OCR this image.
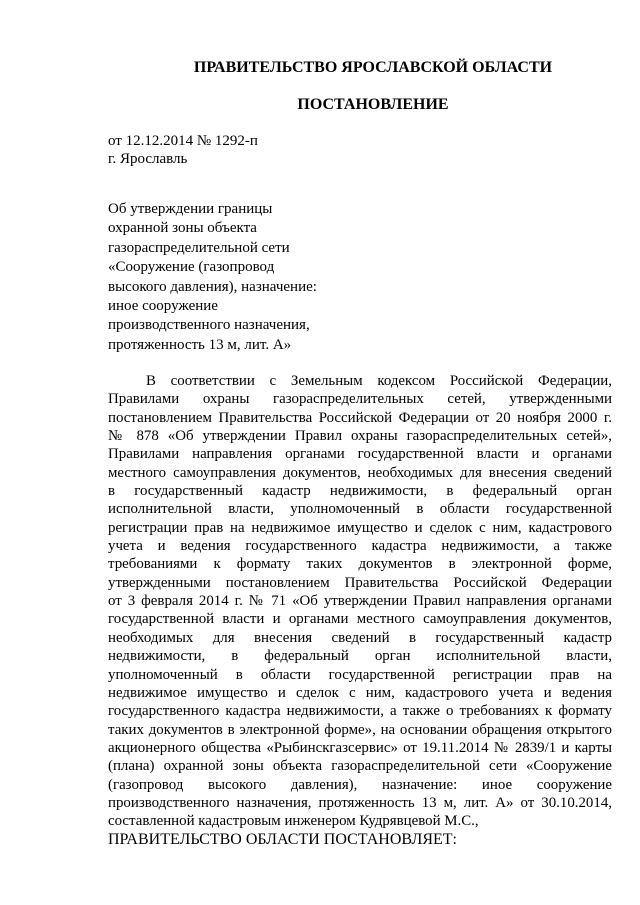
ПРАВИТЕЛЬСТВО ЯРОСЛАВСКОЙ ОБЛАСТИ
ПОСТАНОВЛЕНИЕ

от 12.12.2014 № 1292-п

г. Ярославль

Об утверждении границы
охранной зоны объекта
газораспределительной сети
«Сооружение (газопровод
высокого давления), назначение:
иное сооружение
производственного назначения,
протяженность 13 м, лит. А»
В соответствии с Земельным кодексом Российской Федерации,
Правилами охраны газораспределительных сетей, утвержденными
постановлением Правительства Российской Федерации от 20 ноября 2000 г.
№ 878 «Об утверждении Правил охраны газораспределительных сетей»,
Правилами направления органами государственной власти и органами
местного самоуправления документов, необходимых для внесения сведений
в государственный кадастр недвижимости, в федеральный орган
исполнительной власти, уполномоченный в области государственной
регистрации прав на недвижимое имущество и сделок с ним, кадастрового
учета и ведения государственного кадастра недвижимости, а также
требованиями к формату таких документов в электронной форме,
утвержденными постановлением Правительства Российской Федерации
от 3 февраля 2014 г. № 71 «Об утверждении Правил направления органами
государственной власти и органами местного самоуправления документов,
необходимых для внесения сведений в государственный кадастр
недвижимости, в федеральный орган исполнительной власти,
уполномоченный в области государственной регистрации прав на
недвижимое имущество и сделок с ним, кадастрового учета и ведения
государственного кадастра недвижимости, а также о требованиях к формату
таких документов в электронной форме», на основании обращения открытого
акционерного общества «Рыбинскгазсервис» от 19.11.2014 № 2839/1 и карты
(плана) охранной зоны объекта газораспределительной сети «Сооружение
(газопровод высокого давления), назначение: иное сооружение
производственного назначения, протяженность 13 м, лит. А» от 30.10.2014,
составленной кадастровым инженером Кудрявцевой М.С.,
ПРАВИТЕЛЬСТВО ОБЛАСТИ ПОСТАНОВЛЯЕТ:
